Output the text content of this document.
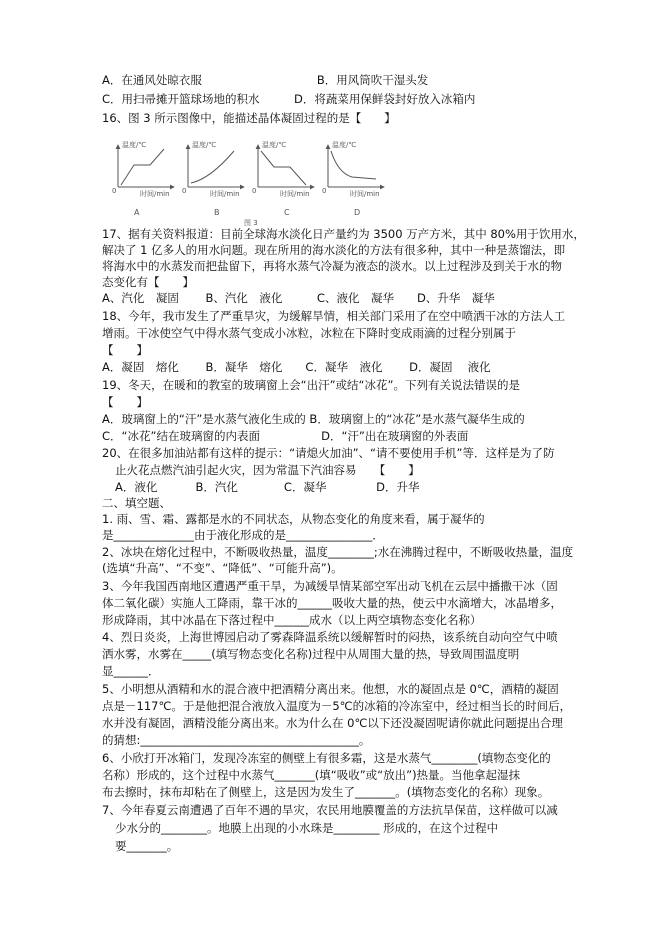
A．在通风处晾衣服　　　　　　　　　　B．用风筒吹干湿头发
C．用扫帚摊开篮球场地的积水　　　D．将蔬菜用保鲜袋封好放入冰箱内
16、图 3 所示图像中，能描述晶体凝固过程的是【　　】
17、据有关资料报道：目前全球海水淡化日产量约为 3500 万产方米，其中 80%用于饮用水，
解决了 1 亿多人的用水问题。现在所用的海水淡化的方法有很多种，其中一种是蒸馏法，即
将海水中的水蒸发而把盐留下，再将水蒸气冷凝为液态的淡水。以上过程涉及到关于水的物
态变化有【　　】
A、汽化　凝固　　 B、汽化　液化　　　C、液化　凝华　　D、升华　凝华
18、今年，我市发生了严重旱灾，为缓解旱情，相关部门采用了在空中喷洒干冰的方法人工
增雨。干冰使空气中得水蒸气变成小冰粒，冰粒在下降时变成雨滴的过程分别属于
【　　】
A．凝固　熔化　　 B．凝华　熔化　　C．凝华　液化　　 D．凝固　 液化
19、冬天，在暖和的教室的玻璃窗上会“出汗”或结“冰花”。下列有关说法错误的是
【　　】
A．玻璃窗上的“汗”是水蒸气液化生成的 B．玻璃窗上的“冰花”是水蒸气凝华生成的
C．“冰花”结在玻璃窗的内表面　　　　　 D．“汗”出在玻璃窗的外表面
20、在很多加油站都有这样的提示：“请熄火加油”、“请不要使用手机”等．这样是为了防
止火花点燃汽油引起火灾，因为常温下汽油容易　　【　　】
A．液化　　　 B．汽化　　　　C．凝华　　　　 D．升华
二、填空题、
1. 雨、雪、霜、露都是水的不同状态，从物态变化的角度来看，属于凝华的
是______________由于液化形成的是_______________．
2、冰块在熔化过程中，不断吸收热量，温度________;水在沸腾过程中，不断吸收热量，温度
(选填“升高”、“不变”、“降低”、“可能升高”)。
3、今年我国西南地区遭遇严重干旱，为减缓旱情某部空军出动飞机在云层中播撒干冰（固
体二氧化碳）实施人工降雨，靠干冰的______吸收大量的热，使云中水滴增大，冰晶增多，
形成降雨，其中冰晶在下落过程中______成水（以上两空填物态变化名称）
4、烈日炎炎，上海世博园启动了雾森降温系统以缓解暂时的闷热，该系统自动向空气中喷
洒水雾，水雾在_____(填写物态变化名称)过程中从周围大量的热，导致周围温度明
显______．
5、小明想从酒精和水的混合液中把酒精分离出来。他想，水的凝固点是 0℃，酒精的凝固
点是－117℃。于是他把混合液放入温度为－5℃的冰箱的冷冻室中，经过相当长的时间后，
水并没有凝固，酒精没能分离出来。水为什么在 0℃以下还没凝固呢请你就此问题提出合理
的猜想:______________________________________。
6、小欣打开冰箱门，发现冷冻室的侧壁上有很多霜，这是水蒸气________(填物态变化的
名称）形成的，这个过程中水蒸气_______(填“吸收”或“放出”)热量。当他拿起湿抹
布去擦时，抹布却粘在了侧壁上，这是因为发生了_______。(填物态变化的名称）现象。
7、今年春夏云南遭遇了百年不遇的旱灾，农民用地膜覆盖的方法抗旱保苗，这样做可以减
少水分的________。地膜上出现的小水珠是________ 形成的，在这个过程中
要_______。
温度/℃
时间/min
0
A
温度/℃
时间/min
0
B
温度/℃
时间/min
0
C
温度/℃
时间/min
0
D
图 3
